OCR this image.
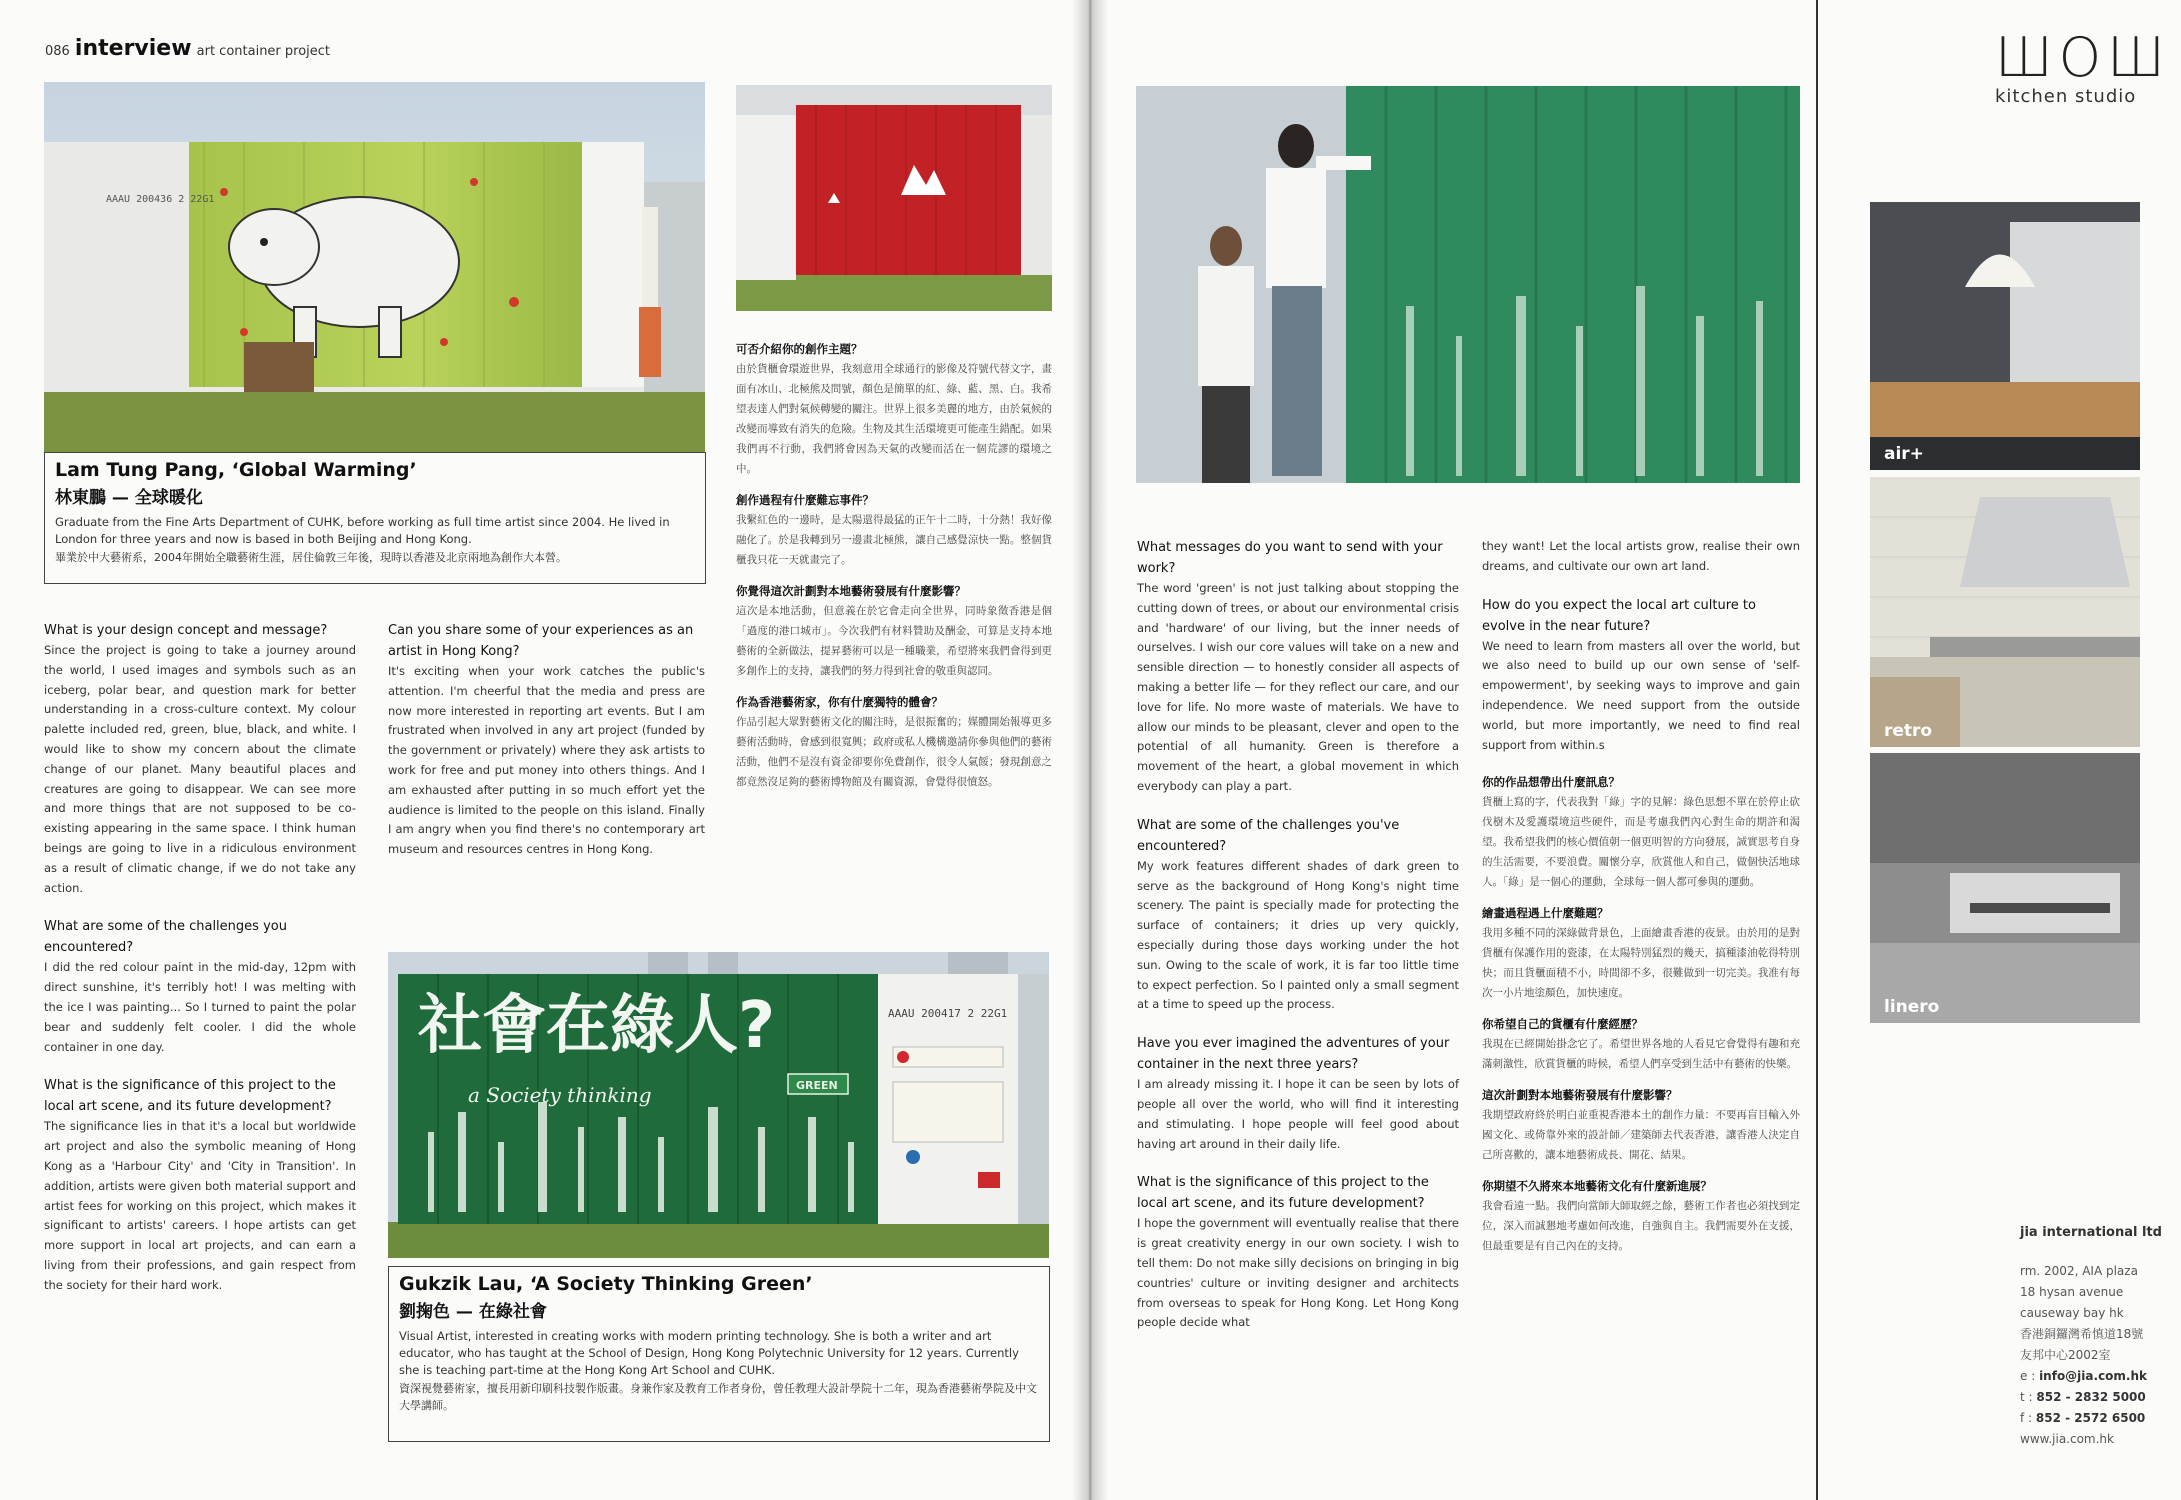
086 interview art container project
AAAU 200436 2 22G1
Lam Tung Pang, ‘Global Warming’
林東鵬 — 全球暖化
Graduate from the Fine Arts Department of CUHK, before working as full time artist since 2004. He lived in London for three years and now is based in both Beijing and Hong Kong.
畢業於中大藝術系，2004年開始全職藝術生涯，居住倫敦三年後，現時以香港及北京兩地為創作大本營。
What is your design concept and message?
Since the project is going to take a journey around the world, I used images and symbols such as an iceberg, polar bear, and question mark for better understanding in a cross-culture context. My colour palette included red, green, blue, black, and white. I would like to show my concern about the climate change of our planet. Many beautiful places and creatures are going to disappear. We can see more and more things that are not supposed to be co-existing appearing in the same space. I think human beings are going to live in a ridiculous environment as a result of climatic change, if we do not take any action.
What are some of the challenges you encountered?
I did the red colour paint in the mid-day, 12pm with direct sunshine, it's terribly hot! I was melting with the ice I was painting... So I turned to paint the polar bear and suddenly felt cooler. I did the whole container in one day.
What is the significance of this project to the local art scene, and its future development?
The significance lies in that it's a local but worldwide art project and also the symbolic meaning of Hong Kong as a 'Harbour City' and 'City in Transition'. In addition, artists were given both material support and artist fees for working on this project, which makes it significant to artists' careers. I hope artists can get more support in local art projects, and can earn a living from their professions, and gain respect from the society for their hard work.
Can you share some of your experiences as an artist in Hong Kong?
It's exciting when your work catches the public's attention. I'm cheerful that the media and press are now more interested in reporting art events. But I am frustrated when involved in any art project (funded by the government or privately) where they ask artists to work for free and put money into others things. And I am exhausted after putting in so much effort yet the audience is limited to the people on this island. Finally I am angry when you find there's no contemporary art museum and resources centres in Hong Kong.
可否介紹你的創作主題？
由於貨櫃會環遊世界，我刻意用全球通行的影像及符號代替文字，畫面有冰山、北極熊及問號，顏色是簡單的紅、綠、藍、黑、白。我希望表達人們對氣候轉變的關注。世界上很多美麗的地方，由於氣候的改變而導致有消失的危險。生物及其生活環境更可能產生錯配。如果我們再不行動，我們將會因為天氣的改變而活在一個荒謬的環境之中。
創作過程有什麼難忘事件？
我繫紅色的一邊時，是太陽還得最猛的正午十二時，十分熱！我好像融化了。於是我轉到另一邊畫北極熊，讓自己感覺涼快一點。整個貨櫃我只花一天就畫完了。
你覺得這次計劃對本地藝術發展有什麼影響？
這次是本地活動，但意義在於它會走向全世界，同時象徵香港是個「過度的港口城市」。今次我們有材料贊助及酬金，可算是支持本地藝術的全新做法，提昇藝術可以是一種職業，希望將來我們會得到更多創作上的支持，讓我們的努力得到社會的敬重與認同。
作為香港藝術家，你有什麼獨特的體會？
作品引起大眾對藝術文化的關注時，是很振奮的；媒體開始報導更多藝術活動時，會感到很寬興；政府或私人機構邀請你參與他們的藝術活動，他們不是沒有資金卻要你免費創作，很令人氣餒；發現創意之都竟然沒足夠的藝術博物館及有關資源，會覺得很憤怒。
社會在綠人?
a Society thinking	GREEN
AAAU 200417 2 22G1
Gukzik Lau, ‘A Society Thinking Green’
劉掬色 — 在綠社會
Visual Artist, interested in creating works with modern printing technology. She is both a writer and art educator, who has taught at the School of Design, Hong Kong Polytechnic University for 12 years. Currently she is teaching part-time at the Hong Kong Art School and CUHK.
資深視覺藝術家，擅長用新印刷科技製作版畫。身兼作家及教育工作者身份，曾任教理大設計學院十二年，現為香港藝術學院及中文大學講師。
What messages do you want to send with your work?
The word 'green' is not just talking about stopping the cutting down of trees, or about our environmental crisis and 'hardware' of our living, but the inner needs of ourselves. I wish our core values will take on a new and sensible direction — to honestly consider all aspects of making a better life — for they reflect our care, and our love for life. No more waste of materials. We have to allow our minds to be pleasant, clever and open to the potential of all humanity. Green is therefore a movement of the heart, a global movement in which everybody can play a part.
What are some of the challenges you've encountered?
My work features different shades of dark green to serve as the background of Hong Kong's night time scenery. The paint is specially made for protecting the surface of containers; it dries up very quickly, especially during those days working under the hot sun. Owing to the scale of work, it is far too little time to expect perfection. So I painted only a small segment at a time to speed up the process.
Have you ever imagined the adventures of your container in the next three years?
I am already missing it. I hope it can be seen by lots of people all over the world, who will find it interesting and stimulating. I hope people will feel good about having art around in their daily life.
What is the significance of this project to the local art scene, and its future development?
I hope the government will eventually realise that there is great creativity energy in our own society. I wish to tell them: Do not make silly decisions on bringing in big countries' culture or inviting designer and architects from overseas to speak for Hong Kong. Let Hong Kong people decide what
they want! Let the local artists grow, realise their own dreams, and cultivate our own art land.
How do you expect the local art culture to evolve in the near future?
We need to learn from masters all over the world, but we also need to build up our own sense of 'self-empowerment', by seeking ways to improve and gain independence. We need support from the outside world, but more importantly, we need to find real support from within.s
你的作品想帶出什麼訊息？
貨櫃上寫的字，代表我對「綠」字的見解：綠色思想不單在於停止砍伐樹木及愛護環境這些硬件，而是考慮我們內心對生命的期許和渴望。我希望我們的核心價值朝一個更明智的方向發展，誠實思考自身的生活需要，不要浪費。關懷分享，欣賞他人和自己，做個快活地球人。「綠」是一個心的運動，全球每一個人都可參與的運動。
繪畫過程遇上什麼難題？
我用多種不同的深綠做背景色，上面繪畫香港的夜景。由於用的是對貨櫃有保護作用的瓷漆，在太陽特別猛烈的幾天，搞種漆油乾得特別快；而且貨櫃面積不小，時間卻不多，很難做到一切完美。我准有每次一小片地塗顏色，加快速度。
你希望自己的貨櫃有什麼經歷？
我現在已經開始掛念它了。希望世界各地的人看見它會覺得有趣和充滿刺激性，欣賞貨櫃的時候，希望人們享受到生活中有藝術的快樂。
這次計劃對本地藝術發展有什麼影響？
我期望政府終於明白並重視香港本土的創作力量：不要再盲目輸入外國文化、或倚靠外來的設計師／建築師去代表香港，讓香港人決定自己所喜歡的，讓本地藝術成長、開花、結果。
你期望不久將來本地藝術文化有什麼新進展？
我會看遠一點。我們向當師大師取經之餘，藝術工作者也必須找到定位，深入而誠懇地考慮如何改進，自強與自主。我們需要外在支援，但最重要是有自己內在的支持。
ШOШ
kitchen studio
air+
retro
linero
jia international ltd
rm. 2002, AIA plaza
18 hysan avenue
causeway bay hk
香港銅鑼灣希慎道18號
友邦中心2002室
e : info@jia.com.hk
t : 852 - 2832 5000
f : 852 - 2572 6500
www.jia.com.hk
